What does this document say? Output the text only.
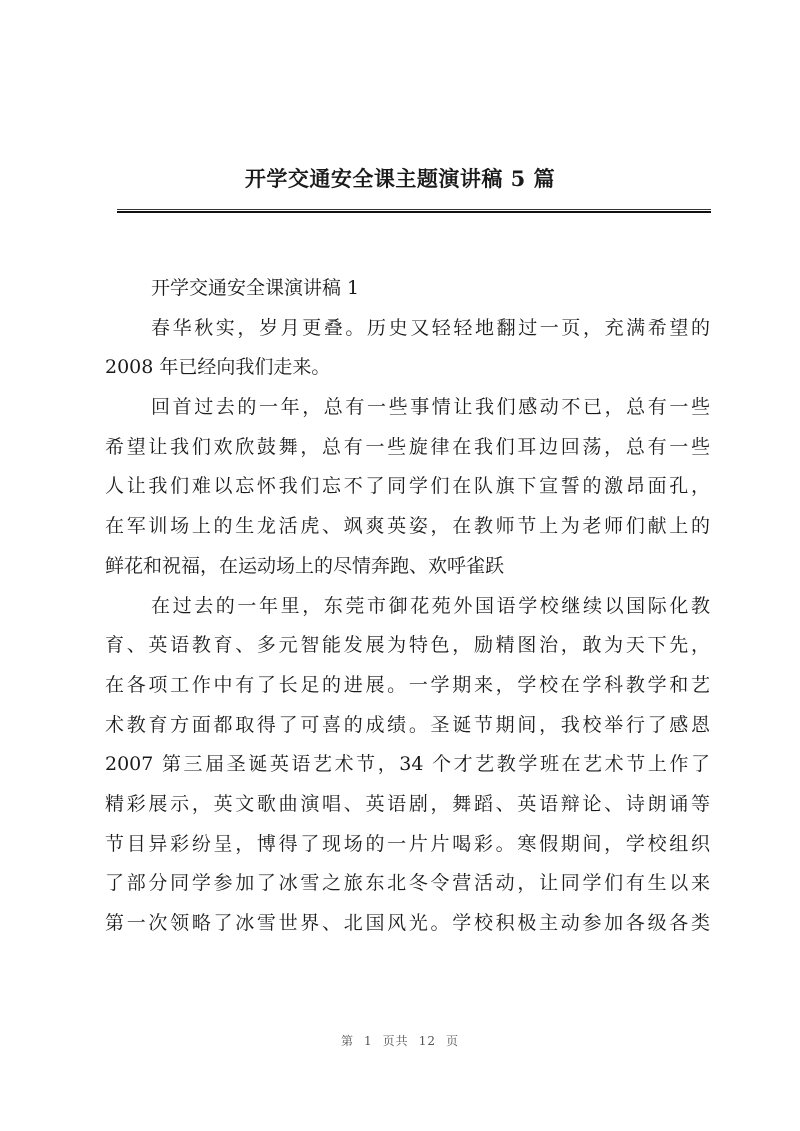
开学交通安全课主题演讲稿 5 篇
开学交通安全课演讲稿 1
春华秋实，岁月更叠。历史又轻轻地翻过一页，充满希望的
2008 年已经向我们走来。
回首过去的一年，总有一些事情让我们感动不已，总有一些
希望让我们欢欣鼓舞，总有一些旋律在我们耳边回荡，总有一些
人让我们难以忘怀我们忘不了同学们在队旗下宣誓的激昂面孔，
在军训场上的生龙活虎、飒爽英姿，在教师节上为老师们献上的
鲜花和祝福，在运动场上的尽情奔跑、欢呼雀跃
在过去的一年里，东莞市御花苑外国语学校继续以国际化教
育、英语教育、多元智能发展为特色，励精图治，敢为天下先，
在各项工作中有了长足的进展。一学期来，学校在学科教学和艺
术教育方面都取得了可喜的成绩。圣诞节期间，我校举行了感恩
2007 第三届圣诞英语艺术节，34 个才艺教学班在艺术节上作了
精彩展示，英文歌曲演唱、英语剧，舞蹈、英语辩论、诗朗诵等
节目异彩纷呈，博得了现场的一片片喝彩。寒假期间，学校组织
了部分同学参加了冰雪之旅东北冬令营活动，让同学们有生以来
第一次领略了冰雪世界、北国风光。学校积极主动参加各级各类
第 1 页共 12 页
